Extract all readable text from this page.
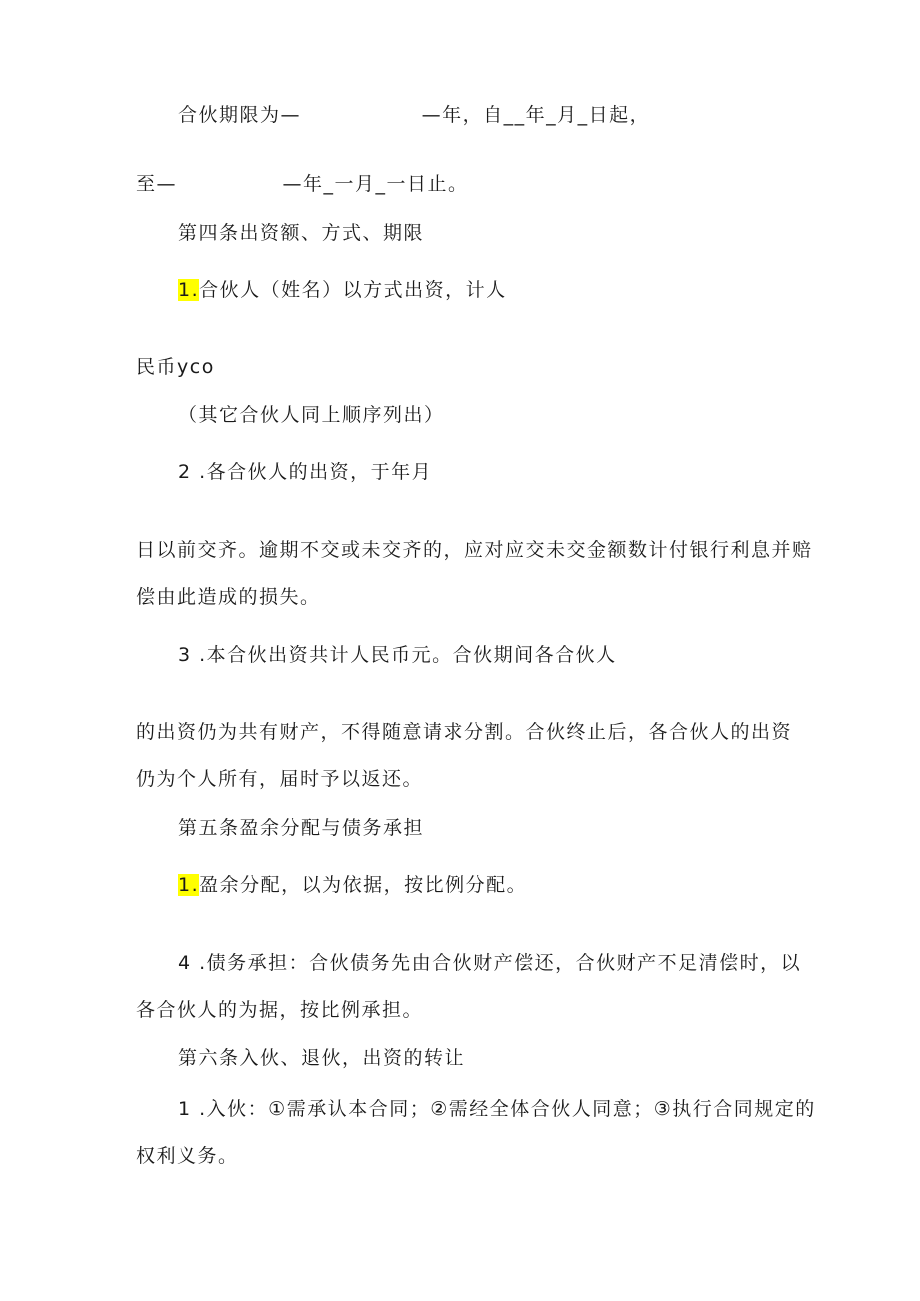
合伙期限为—                —年，自__年_月_日起，
至—              —年_一月_一日止。
第四条出资额、方式、期限
1.合伙人（姓名）以方式出资，计人
民币yco
（其它合伙人同上顺序列出）
2 .各合伙人的出资，于年月
日以前交齐。逾期不交或未交齐的，应对应交未交金额数计付银行利息并赔
偿由此造成的损失。
3 .本合伙出资共计人民币元。合伙期间各合伙人
的出资仍为共有财产，不得随意请求分割。合伙终止后，各合伙人的出资
仍为个人所有，届时予以返还。
第五条盈余分配与债务承担
1.盈余分配，以为依据，按比例分配。
4 .债务承担：合伙债务先由合伙财产偿还，合伙财产不足清偿时，以
各合伙人的为据，按比例承担。
第六条入伙、退伙，出资的转让
1 .入伙：①需承认本合同；②需经全体合伙人同意；③执行合同规定的
权利义务。
